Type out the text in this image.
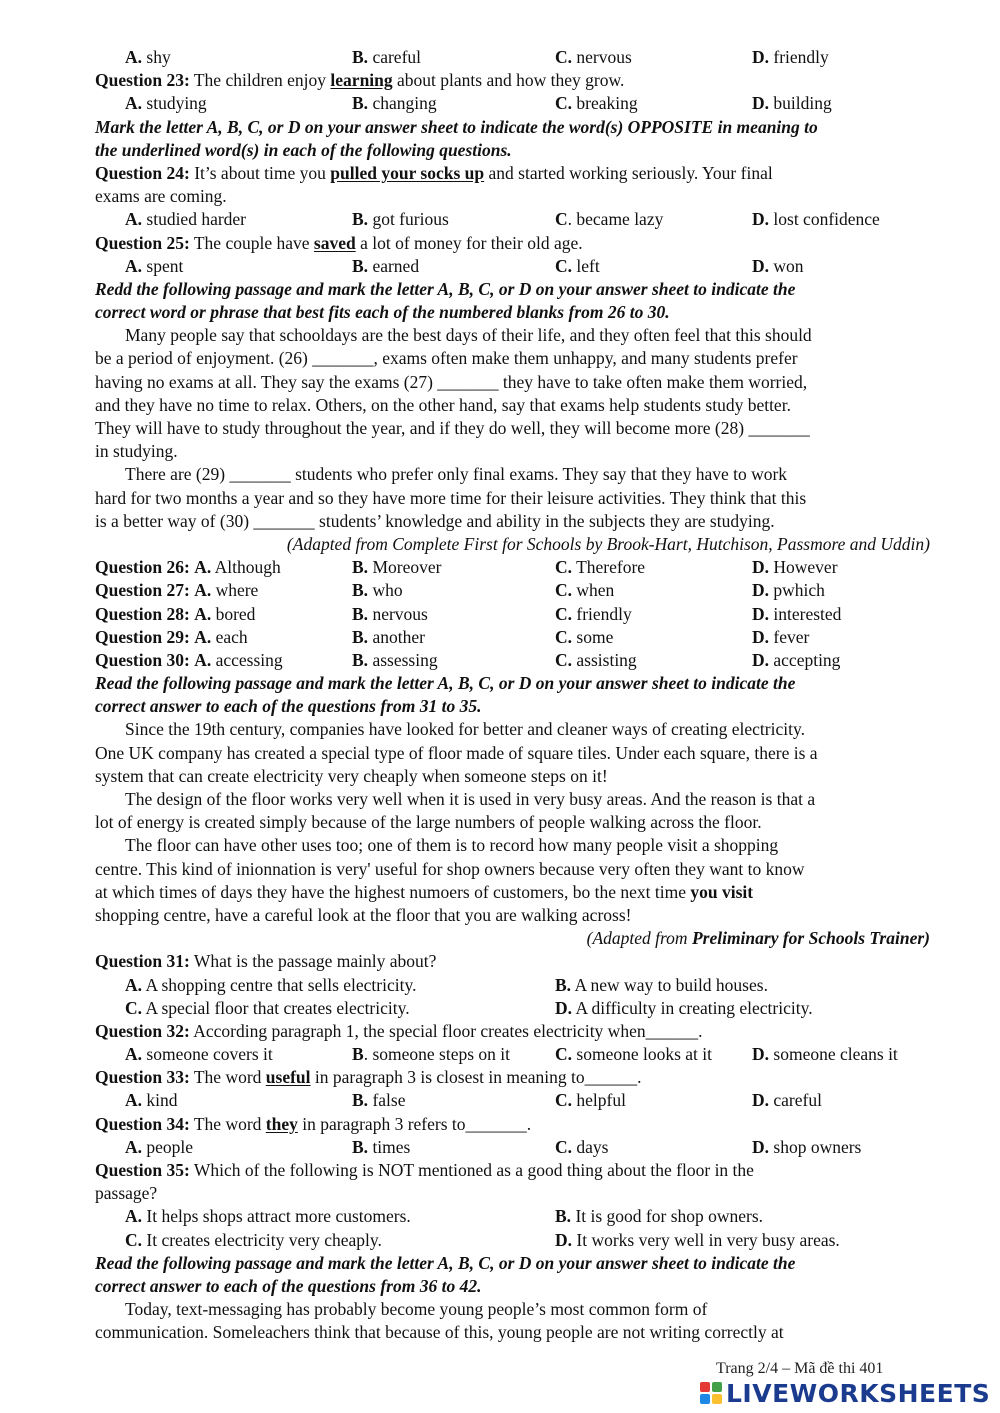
A. shy	B. careful	C. nervous	D. friendly
Question 23: The children enjoy learning about plants and how they grow.
A. studying	B. changing	C. breaking	D. building
Mark the letter A, B, C, or D on your answer sheet to indicate the word(s) OPPOSITE in meaning to
the underlined word(s) in each of the following questions.
Question 24: It’s about time you pulled your socks up and started working seriously. Your final
exams are coming.
A. studied harder	B. got furious	C. became lazy	D. lost confidence
Question 25: The couple have saved a lot of money for their old age.
A. spent	B. earned	C. left	D. won
Redd the following passage and mark the letter A, B, C, or D on your answer sheet to indicate the
correct word or phrase that best fits each of the numbered blanks from 26 to 30.
Many people say that schooldays are the best days of their life, and they often feel that this should
be a period of enjoyment. (26) _______, exams often make them unhappy, and many students prefer
having no exams at all. They say the exams (27) _______ they have to take often make them worried,
and they have no time to relax. Others, on the other hand, say that exams help students study better.
They will have to study throughout the year, and if they do well, they will become more (28) _______
in studying.
There are (29) _______ students who prefer only final exams. They say that they have to work
hard for two months a year and so they have more time for their leisure activities. They think that this
is a better way of (30) _______ students’ knowledge and ability in the subjects they are studying.
(Adapted from Complete First for Schools by Brook-Hart, Hutchison, Passmore and Uddin)
Question 26: A. Although	B. Moreover	C. Therefore	D. However
Question 27: A. where	B. who	C. when	D. pwhich
Question 28: A. bored	B. nervous	C. friendly	D. interested
Question 29: A. each	B. another	C. some	D. fever
Question 30: A. accessing	B. assessing	C. assisting	D. accepting
Read the following passage and mark the letter A, B, C, or D on your answer sheet to indicate the
correct answer to each of the questions from 31 to 35.
Since the 19th century, companies have looked for better and cleaner ways of creating electricity.
One UK company has created a special type of floor made of square tiles. Under each square, there is a
system that can create electricity very cheaply when someone steps on it!
The design of the floor works very well when it is used in very busy areas. And the reason is that a
lot of energy is created simply because of the large numbers of people walking across the floor.
The floor can have other uses too; one of them is to record how many people visit a shopping
centre. This kind of inionnation is very' useful for shop owners because very often they want to know
at which times of days they have the highest numoers of customers, bo the next time you visit
shopping centre, have a careful look at the floor that you are walking across!
(Adapted from Preliminary for Schools Trainer)
Question 31: What is the passage mainly about?
A. A shopping centre that sells electricity.	B. A new way to build houses.
C. A special floor that creates electricity.	D. A difficulty in creating electricity.
Question 32: According paragraph 1, the special floor creates electricity when______.
A. someone covers it	B. someone steps on it	C. someone looks at it D. someone cleans it
Question 33: The word useful in paragraph 3 is closest in meaning to______.
A. kind	B. false	C. helpful	D. careful
Question 34: The word they in paragraph 3 refers to_______.
A. people	B. times	C. days	D. shop owners
Question 35: Which of the following is NOT mentioned as a good thing about the floor in the
passage?
A. It helps shops attract more customers.	B. It is good for shop owners.
C. It creates electricity very cheaply.	D. It works very well in very busy areas.
Read the following passage and mark the letter A, B, C, or D on your answer sheet to indicate the
correct answer to each of the questions from 36 to 42.
Today, text-messaging has probably become young people’s most common form of
communication. Someleachers think that because of this, young people are not writing correctly at
Trang 2/4 – Mã đề thi 401
LIVEWORKSHEETS
